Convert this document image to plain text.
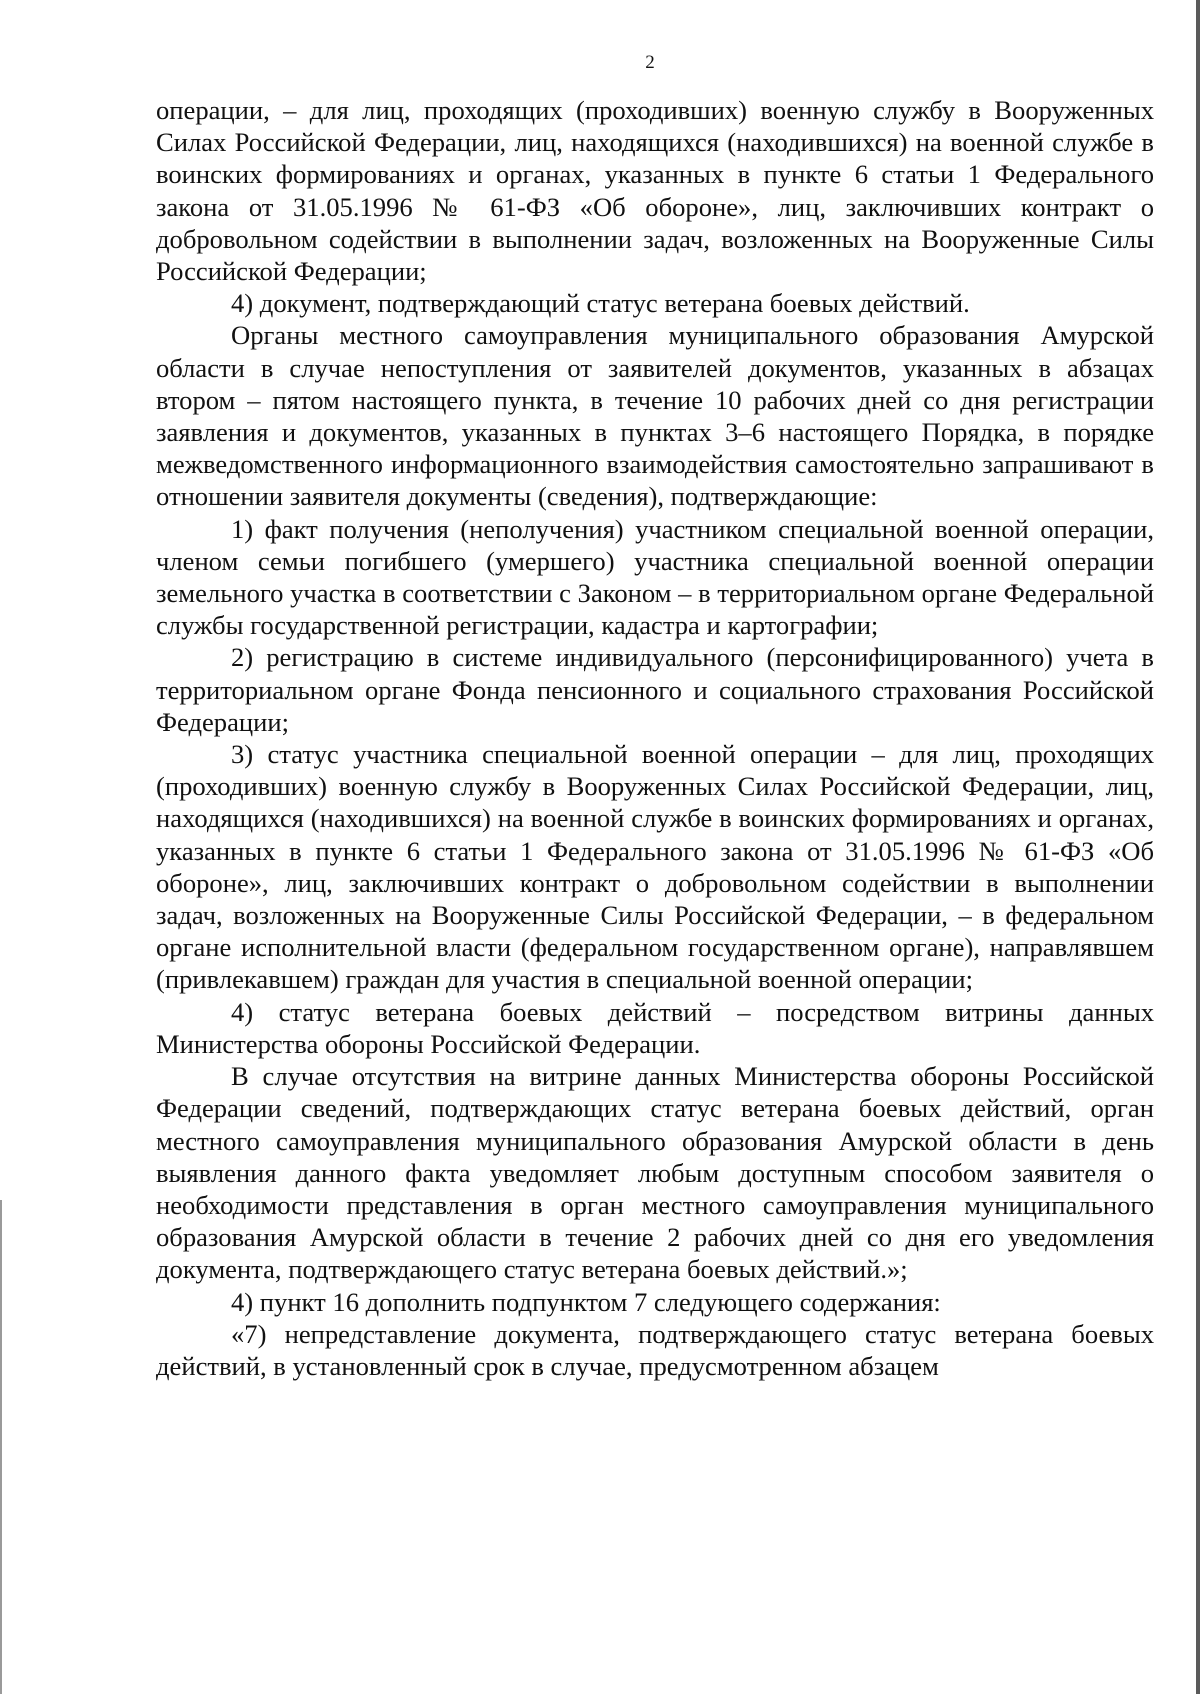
2

операции, – для лиц, проходящих (проходивших) военную службу в Вооруженных Силах Российской Федерации, лиц, находящихся (находившихся) на военной службе в воинских формированиях и органах, указанных в пункте 6 статьи 1 Федерального закона от 31.05.1996 № 61-ФЗ «Об обороне», лиц, заключивших контракт о добровольном содействии в выполнении задач, возложенных на Вооруженные Силы Российской Федерации;

4) документ, подтверждающий статус ветерана боевых действий.

Органы местного самоуправления муниципального образования Амурской области в случае непоступления от заявителей документов, указанных в абзацах втором – пятом настоящего пункта, в течение 10 рабочих дней со дня регистрации заявления и документов, указанных в пунктах 3–6 настоящего Порядка, в порядке межведомственного информационного взаимодействия самостоятельно запрашивают в отношении заявителя документы (сведения), подтверждающие:

1) факт получения (неполучения) участником специальной военной операции, членом семьи погибшего (умершего) участника специальной военной операции земельного участка в соответствии с Законом – в территориальном органе Федеральной службы государственной регистрации, кадастра и картографии;

2) регистрацию в системе индивидуального (персонифицированного) учета в территориальном органе Фонда пенсионного и социального страхования Российской Федерации;

3) статус участника специальной военной операции – для лиц, проходящих (проходивших) военную службу в Вооруженных Силах Российской Федерации, лиц, находящихся (находившихся) на военной службе в воинских формированиях и органах, указанных в пункте 6 статьи 1 Федерального закона от 31.05.1996 № 61-ФЗ «Об обороне», лиц, заключивших контракт о добровольном содействии в выполнении задач, возложенных на Вооруженные Силы Российской Федерации, – в федеральном органе исполнительной власти (федеральном государственном органе), направлявшем (привлекавшем) граждан для участия в специальной военной операции;

4) статус ветерана боевых действий – посредством витрины данных Министерства обороны Российской Федерации.

В случае отсутствия на витрине данных Министерства обороны Российской Федерации сведений, подтверждающих статус ветерана боевых действий, орган местного самоуправления муниципального образования Амурской области в день выявления данного факта уведомляет любым доступным способом заявителя о необходимости представления в орган местного самоуправления муниципального образования Амурской области в течение 2 рабочих дней со дня его уведомления документа, подтверждающего статус ветерана боевых действий.»;

4) пункт 16 дополнить подпунктом 7 следующего содержания:

«7) непредставление документа, подтверждающего статус ветерана боевых действий, в установленный срок в случае, предусмотренном абзацем
